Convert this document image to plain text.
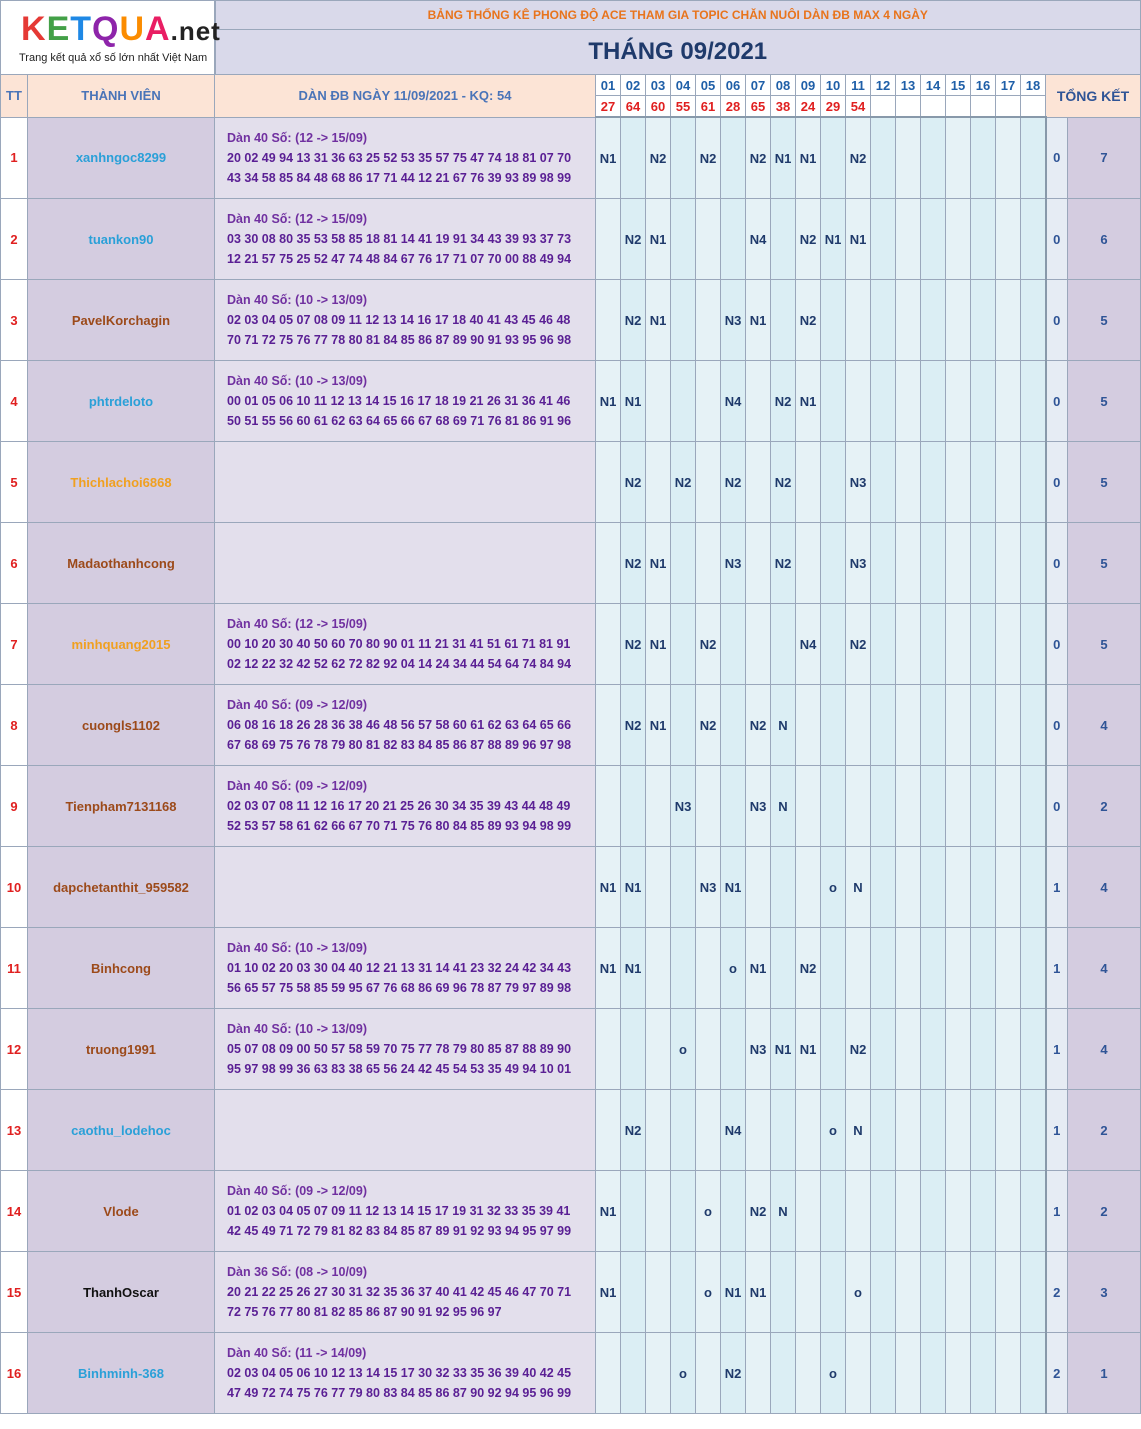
KETQUA.net
Trang kết quả xổ số lớn nhất Việt Nam		BẢNG THỐNG KÊ PHONG ĐỘ ACE THAM GIA TOPIC CHĂN NUÔI DÀN ĐB MAX 4 NGÀY																				
		THÁNG 09/2021																				
TT	THÀNH VIÊN	DÀN ĐB NGÀY 11/09/2021 - KQ: 54	01	02	03	04	05	06	07	08	09	10	11	12	13	14	15	16	17	18	TỔNG KẾT	
			27	64	60	55	61	28	65	38	24	29	54									
1	xanhngoc8299	Dàn 40 Số: (12 -> 15/09)
20 02 49 94 13 31 36 63 25 52 53 35 57 75 47 74 18 81 07 70 43 34 58 85 84 48 68 86 17 71 44 12 21 67 76 39 93 89 98 99	N1		N2		N2		N2	N1	N1		N2								0	7
2	tuankon90	Dàn 40 Số: (12 -> 15/09)
03 30 08 80 35 53 58 85 18 81 14 41 19 91 34 43 39 93 37 73 12 21 57 75 25 52 47 74 48 84 67 76 17 71 07 70 00 88 49 94		N2	N1				N4		N2	N1	N1								0	6
3	PavelKorchagin	Dàn 40 Số: (10 -> 13/09)
02 03 04 05 07 08 09 11 12 13 14 16 17 18 40 41 43 45 46 48 70 71 72 75 76 77 78 80 81 84 85 86 87 89 90 91 93 95 96 98		N2	N1			N3	N1		N2										0	5
4	phtrdeloto	Dàn 40 Số: (10 -> 13/09)
00 01 05 06 10 11 12 13 14 15 16 17 18 19 21 26 31 36 41 46 50 51 55 56 60 61 62 63 64 65 66 67 68 69 71 76 81 86 91 96	N1	N1				N4		N2	N1										0	5
5	Thichlachoi6868			N2		N2		N2		N2			N3								0	5
6	Madaothanhcong			N2	N1			N3		N2			N3								0	5
7	minhquang2015	Dàn 40 Số: (12 -> 15/09)
00 10 20 30 40 50 60 70 80 90 01 11 21 31 41 51 61 71 81 91 02 12 22 32 42 52 62 72 82 92 04 14 24 34 44 54 64 74 84 94		N2	N1		N2				N4		N2								0	5
8	cuongls1102	Dàn 40 Số: (09 -> 12/09)
06 08 16 18 26 28 36 38 46 48 56 57 58 60 61 62 63 64 65 66 67 68 69 75 76 78 79 80 81 82 83 84 85 86 87 88 89 96 97 98		N2	N1		N2		N2	N											0	4
9	Tienpham7131168	Dàn 40 Số: (09 -> 12/09)
02 03 07 08 11 12 16 17 20 21 25 26 30 34 35 39 43 44 48 49 52 53 57 58 61 62 66 67 70 71 75 76 80 84 85 89 93 94 98 99				N3			N3	N											0	2
10	dapchetanthit_959582		N1	N1			N3	N1				o	N								1	4
11	Binhcong	Dàn 40 Số: (10 -> 13/09)
01 10 02 20 03 30 04 40 12 21 13 31 14 41 23 32 24 42 34 43 56 65 57 75 58 85 59 95 67 76 68 86 69 96 78 87 79 97 89 98	N1	N1				o	N1		N2										1	4
12	truong1991	Dàn 40 Số: (10 -> 13/09)
05 07 08 09 00 50 57 58 59 70 75 77 78 79 80 85 87 88 89 90 95 97 98 99 36 63 83 38 65 56 24 42 45 54 53 35 49 94 10 01				o			N3	N1	N1		N2								1	4
13	caothu_lodehoc			N2				N4				o	N								1	2
14	Vlode	Dàn 40 Số: (09 -> 12/09)
01 02 03 04 05 07 09 11 12 13 14 15 17 19 31 32 33 35 39 41 42 45 49 71 72 79 81 82 83 84 85 87 89 91 92 93 94 95 97 99	N1				o		N2	N											1	2
15	ThanhOscar	Dàn 36 Số: (08 -> 10/09)
20 21 22 25 26 27 30 31 32 35 36 37 40 41 42 45 46 47 70 71 72 75 76 77 80 81 82 85 86 87 90 91 92 95 96 97	N1				o	N1	N1				o								2	3
16	Binhminh-368	Dàn 40 Số: (11 -> 14/09)
02 03 04 05 06 10 12 13 14 15 17 30 32 33 35 36 39 40 42 45 47 49 72 74 75 76 77 79 80 83 84 85 86 87 90 92 94 95 96 99				o		N2				o									2	1
